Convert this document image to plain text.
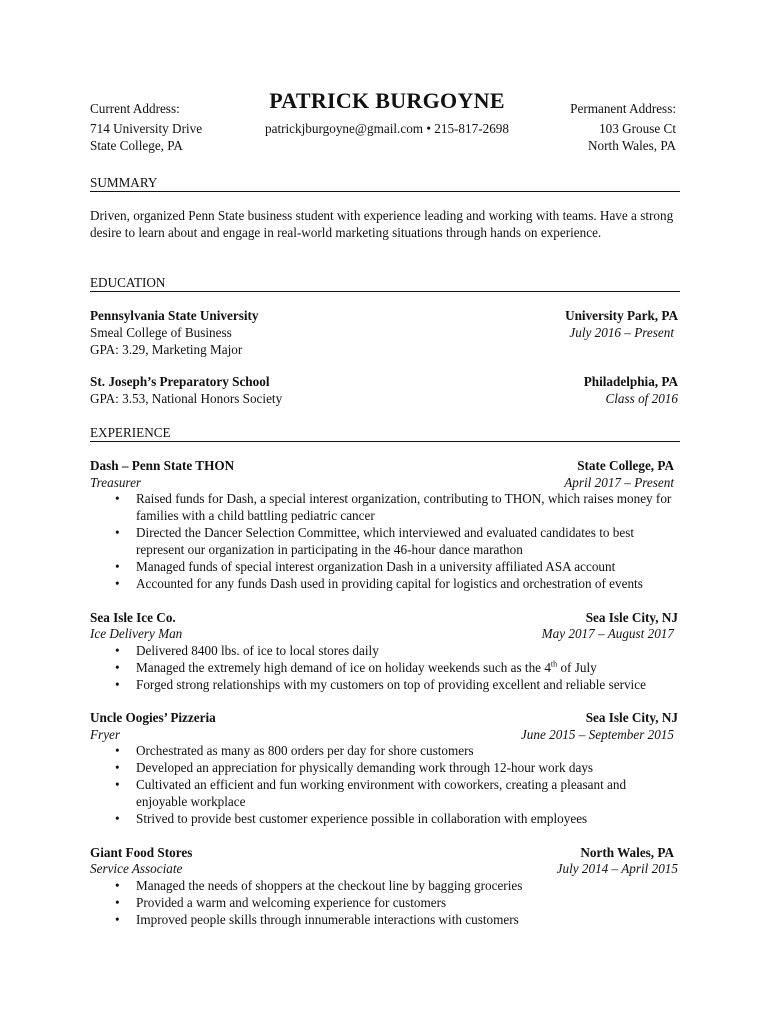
Current Address:
714 University Drive
State College, PA
PATRICK BURGOYNE
patrickjburgoyne@gmail.com • 215-817-2698
Permanent Address:
103 Grouse Ct
North Wales, PA
SUMMARY
Driven, organized Penn State business student with experience leading and working with teams. Have a strong desire to learn about and engage in real-world marketing situations through hands on experience.
EDUCATION
Pennsylvania State University	University Park, PA
Smeal College of Business	July 2016 – Present
GPA: 3.29, Marketing Major
St. Joseph’s Preparatory School	Philadelphia, PA
GPA: 3.53, National Honors Society	Class of 2016
EXPERIENCE
Dash – Penn State THON	State College, PA
Treasurer	April 2017 – Present
• Raised funds for Dash, a special interest organization, contributing to THON, which raises money for families with a child battling pediatric cancer
• Directed the Dancer Selection Committee, which interviewed and evaluated candidates to best represent our organization in participating in the 46-hour dance marathon
• Managed funds of special interest organization Dash in a university affiliated ASA account
• Accounted for any funds Dash used in providing capital for logistics and orchestration of events
Sea Isle Ice Co.	Sea Isle City, NJ
Ice Delivery Man	May 2017 – August 2017
• Delivered 8400 lbs. of ice to local stores daily
• Managed the extremely high demand of ice on holiday weekends such as the 4th of July
• Forged strong relationships with my customers on top of providing excellent and reliable service
Uncle Oogies’ Pizzeria	Sea Isle City, NJ
Fryer	June 2015 – September 2015
• Orchestrated as many as 800 orders per day for shore customers
• Developed an appreciation for physically demanding work through 12-hour work days
• Cultivated an efficient and fun working environment with coworkers, creating a pleasant and enjoyable workplace
• Strived to provide best customer experience possible in collaboration with employees
Giant Food Stores	North Wales, PA
Service Associate	July 2014 – April 2015
• Managed the needs of shoppers at the checkout line by bagging groceries
• Provided a warm and welcoming experience for customers
• Improved people skills through innumerable interactions with customers
